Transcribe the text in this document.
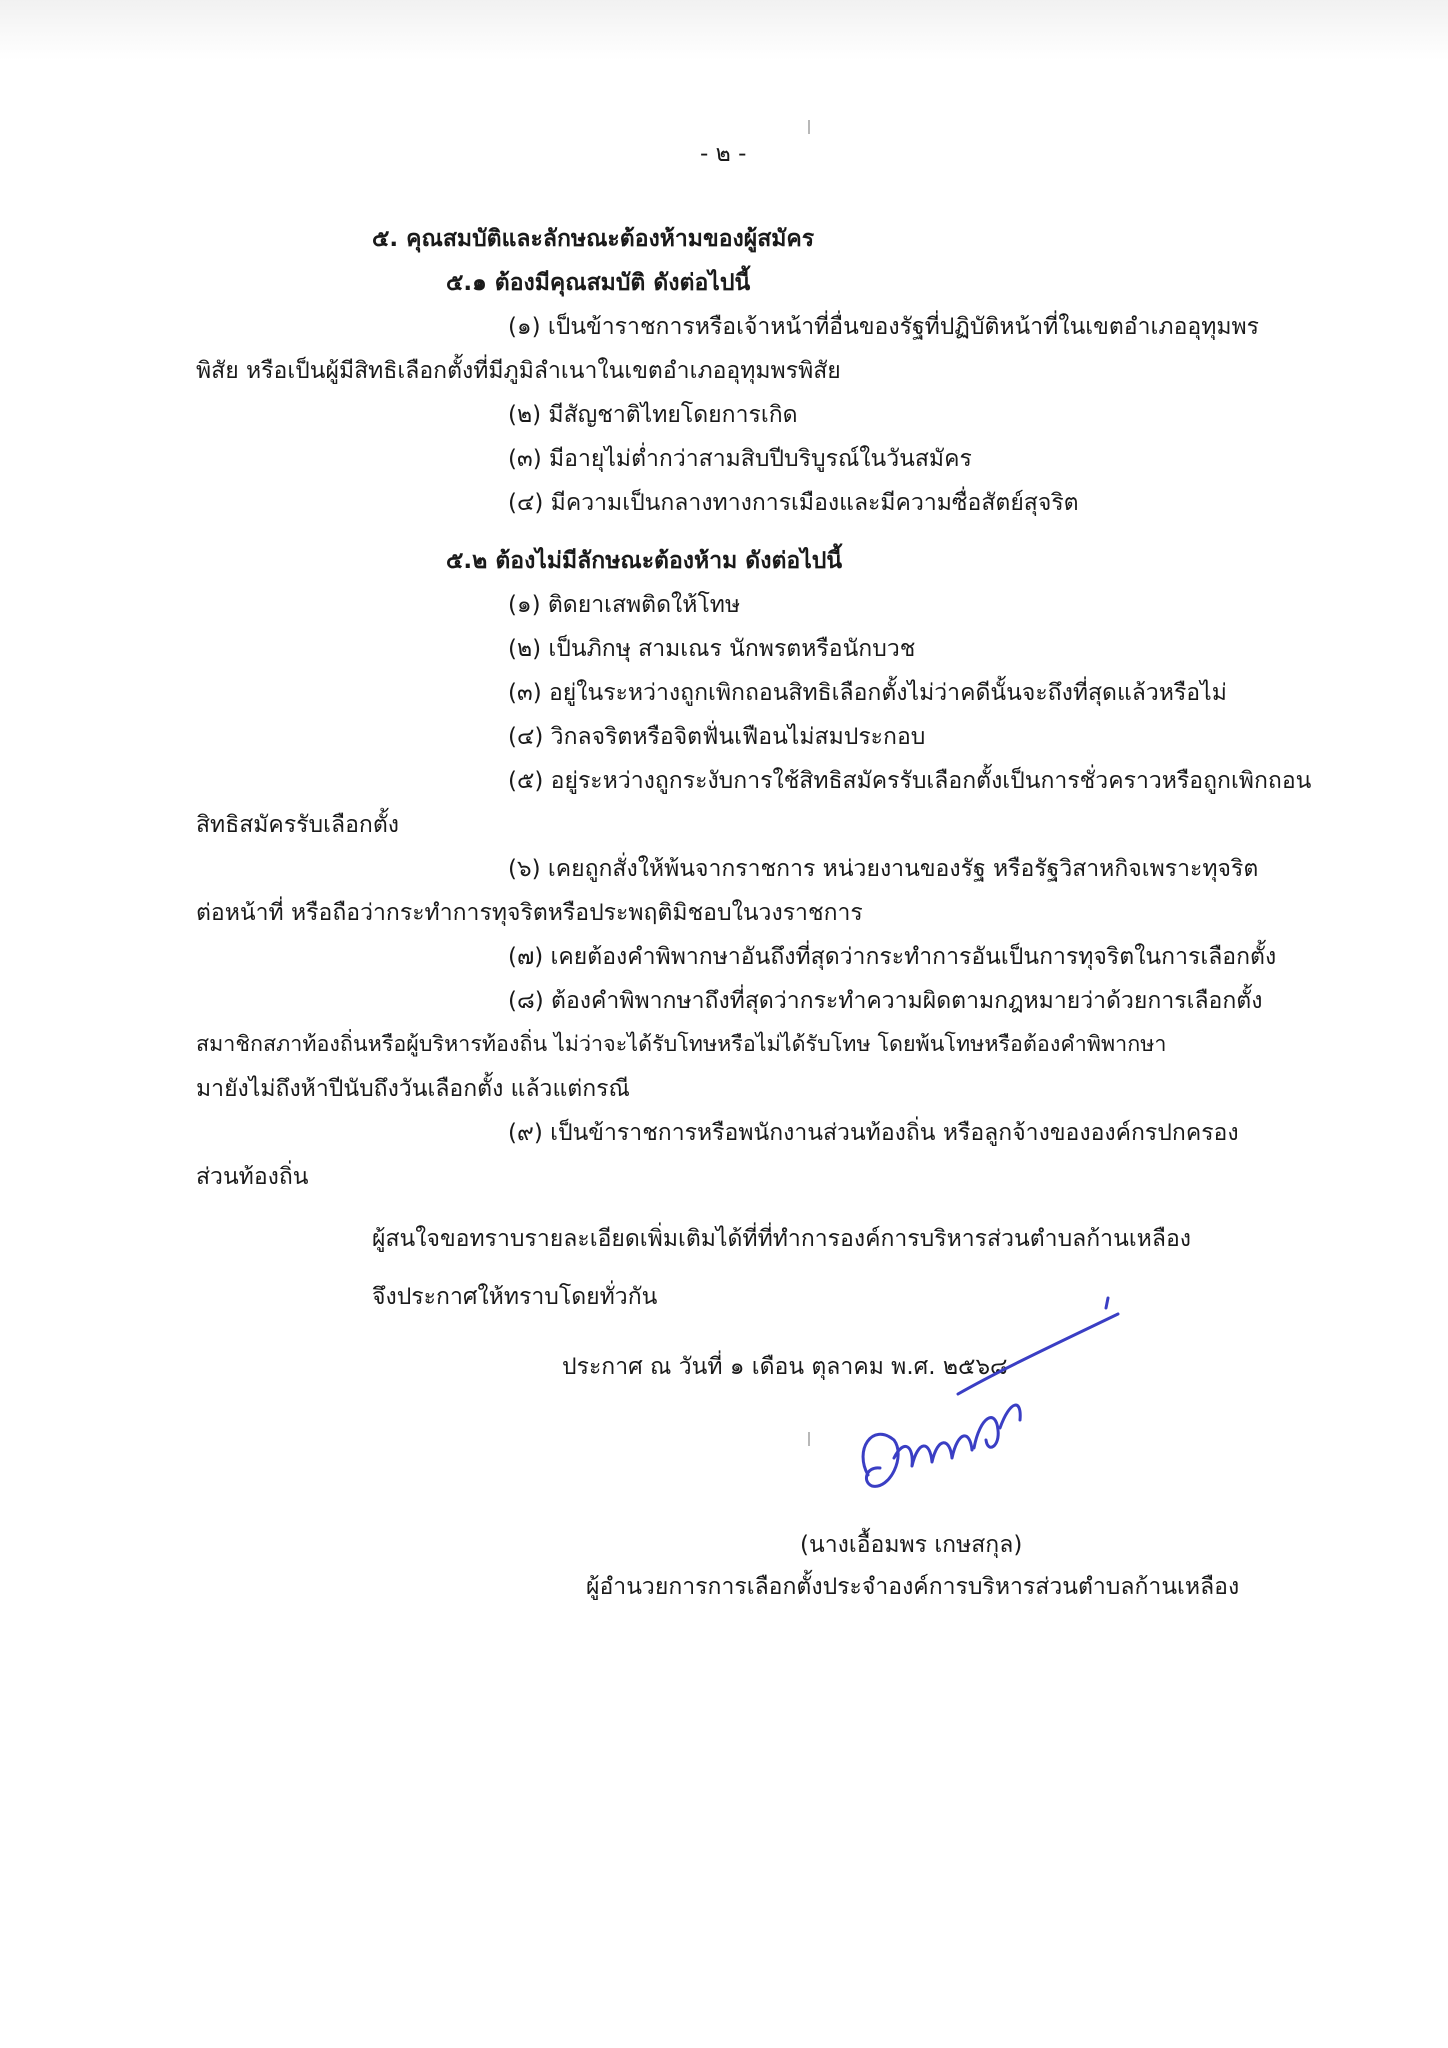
- ๒ -
๕. คุณสมบัติและลักษณะต้องห้ามของผู้สมัคร
๕.๑ ต้องมีคุณสมบัติ ดังต่อไปนี้
(๑) เป็นข้าราชการหรือเจ้าหน้าที่อื่นของรัฐที่ปฏิบัติหน้าที่ในเขตอำเภออุทุมพร
พิสัย หรือเป็นผู้มีสิทธิเลือกตั้งที่มีภูมิลำเนาในเขตอำเภออุทุมพรพิสัย
(๒) มีสัญชาติไทยโดยการเกิด
(๓) มีอายุไม่ต่ำกว่าสามสิบปีบริบูรณ์ในวันสมัคร
(๔) มีความเป็นกลางทางการเมืองและมีความซื่อสัตย์สุจริต
๕.๒ ต้องไม่มีลักษณะต้องห้าม ดังต่อไปนี้
(๑) ติดยาเสพติดให้โทษ
(๒) เป็นภิกษุ สามเณร นักพรตหรือนักบวช
(๓) อยู่ในระหว่างถูกเพิกถอนสิทธิเลือกตั้งไม่ว่าคดีนั้นจะถึงที่สุดแล้วหรือไม่
(๔) วิกลจริตหรือจิตฟั่นเฟือนไม่สมประกอบ
(๕) อยู่ระหว่างถูกระงับการใช้สิทธิสมัครรับเลือกตั้งเป็นการชั่วคราวหรือถูกเพิกถอน
สิทธิสมัครรับเลือกตั้ง
(๖) เคยถูกสั่งให้พ้นจากราชการ หน่วยงานของรัฐ หรือรัฐวิสาหกิจเพราะทุจริต
ต่อหน้าที่ หรือถือว่ากระทำการทุจริตหรือประพฤติมิชอบในวงราชการ
(๗) เคยต้องคำพิพากษาอันถึงที่สุดว่ากระทำการอันเป็นการทุจริตในการเลือกตั้ง
(๘) ต้องคำพิพากษาถึงที่สุดว่ากระทำความผิดตามกฎหมายว่าด้วยการเลือกตั้ง
สมาชิกสภาท้องถิ่นหรือผู้บริหารท้องถิ่น ไม่ว่าจะได้รับโทษหรือไม่ได้รับโทษ โดยพ้นโทษหรือต้องคำพิพากษา
มายังไม่ถึงห้าปีนับถึงวันเลือกตั้ง แล้วแต่กรณี
(๙) เป็นข้าราชการหรือพนักงานส่วนท้องถิ่น หรือลูกจ้างขององค์กรปกครอง
ส่วนท้องถิ่น
ผู้สนใจขอทราบรายละเอียดเพิ่มเติมได้ที่ที่ทำการองค์การบริหารส่วนตำบลก้านเหลือง
จึงประกาศให้ทราบโดยทั่วกัน
ประกาศ ณ วันที่ ๑ เดือน ตุลาคม พ.ศ. ๒๕๖๘
(นางเอื้อมพร เกษสกุล)
ผู้อำนวยการการเลือกตั้งประจำองค์การบริหารส่วนตำบลก้านเหลือง
